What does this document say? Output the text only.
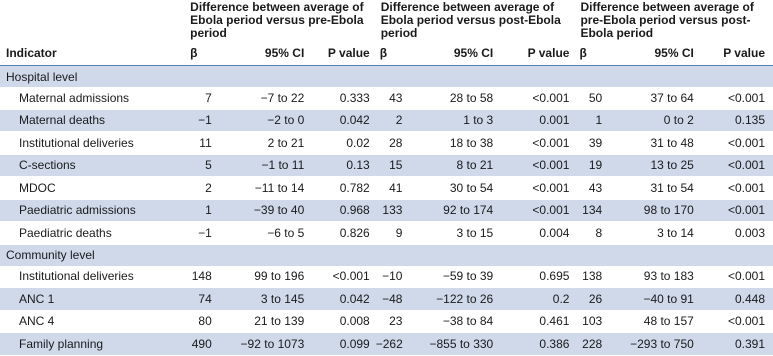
	Difference between average of Ebola period versus pre-Ebola period			Difference between average of Ebola period versus post-Ebola period			Difference between average of pre-Ebola period versus post-Ebola period		
Indicator	β	95% CI	P value	β	95% CI	P value	β	95% CI	P value
Hospital level									
Maternal admissions	7	−7 to 22	0.333	43	28 to 58	<0.001	50	37 to 64	<0.001
Maternal deaths	−1	−2 to 0	0.042	2	1 to 3	0.001	1	0 to 2	0.135
Institutional deliveries	11	2 to 21	0.02	28	18 to 38	<0.001	39	31 to 48	<0.001
C-sections	5	−1 to 11	0.13	15	8 to 21	<0.001	19	13 to 25	<0.001
MDOC	2	−11 to 14	0.782	41	30 to 54	<0.001	43	31 to 54	<0.001
Paediatric admissions	1	−39 to 40	0.968	133	92 to 174	<0.001	134	98 to 170	<0.001
Paediatric deaths	−1	−6 to 5	0.826	9	3 to 15	0.004	8	3 to 14	0.003
Community level									
Institutional deliveries	148	99 to 196	<0.001	−10	−59 to 39	0.695	138	93 to 183	<0.001
ANC 1	74	3 to 145	0.042	−48	−122 to 26	0.2	26	−40 to 91	0.448
ANC 4	80	21 to 139	0.008	23	−38 to 84	0.461	103	48 to 157	<0.001
Family planning	490	−92 to 1073	0.099	−262	−855 to 330	0.386	228	−293 to 750	0.391
